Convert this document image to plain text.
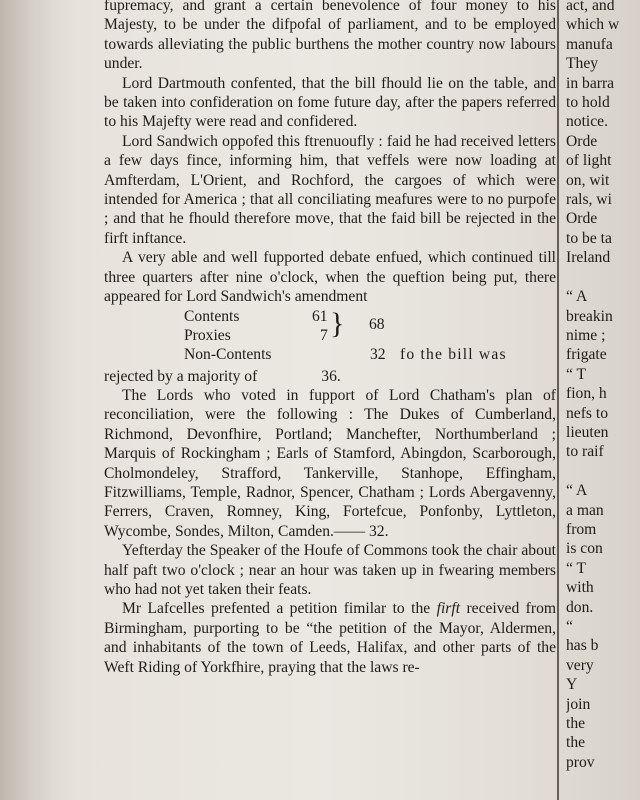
fupremacy, and grant a certain benevolence of four money to his Majesty, to be under the difpofal of parliament, and to be employed towards alleviating the public burthens the mother country now labours under.

Lord Dartmouth confented, that the bill fhould lie on the table, and be taken into confideration on fome future day, after the papers referred to his Majefty were read and confidered.

Lord Sandwich oppofed this ftrenuoufly : faid he had received letters a few days fince, informing him, that veffels were now loading at Amfterdam, L'Orient, and Rochford, the cargoes of which were intended for America ; that all conciliating meafures were to no purpofe ; and that he fhould therefore move, that the faid bill be rejected in the firft inftance.

A very able and well fupported debate enfued, which continued till three quarters after nine o'clock, when the queftion being put, there appeared for Lord Sandwich's amendment

Contents
Proxies
Non-Contents
61
7 } 68
32 fo the bill was

rejected by a majority of	36.

The Lords who voted in fupport of Lord Chatham's plan of reconciliation, were the following : The Dukes of Cumberland, Richmond, Devonfhire, Portland; Manchefter, Northumberland ; Marquis of Rockingham ; Earls of Stamford, Abingdon, Scarborough, Cholmondeley, Strafford, Tankerville, Stanhope, Effingham, Fitzwilliams, Temple, Radnor, Spencer, Chatham ; Lords Abergavenny, Ferrers, Craven, Romney, King, Fortefcue, Ponfonby, Lyttleton, Wycombe, Sondes, Milton, Camden.—— 32.

Yefterday the Speaker of the Houfe of Commons took the chair about half paft two o'clock ; near an hour was taken up in fwearing members who had not yet taken their feats.

Mr Lafcelles prefented a petition fimilar to the firft received from Birmingham, purporting to be “the petition of the Mayor, Aldermen, and inhabitants of the town of Leeds, Halifax, and other parts of the Weft Riding of Yorkfhire, praying that the laws re-

act, and

which w

manufa

They

in barra

to hold

notice.

Orde

of light

on, wit

rals, wi

Orde

to be ta

Ireland

“ A

breakin

nime ;

frigate

“ T

fion, h

nefs to

lieuten

to raif

“ A

a man

from

is con

“ T

with

don.

“

has b

very

Y

join

the

the

prov
